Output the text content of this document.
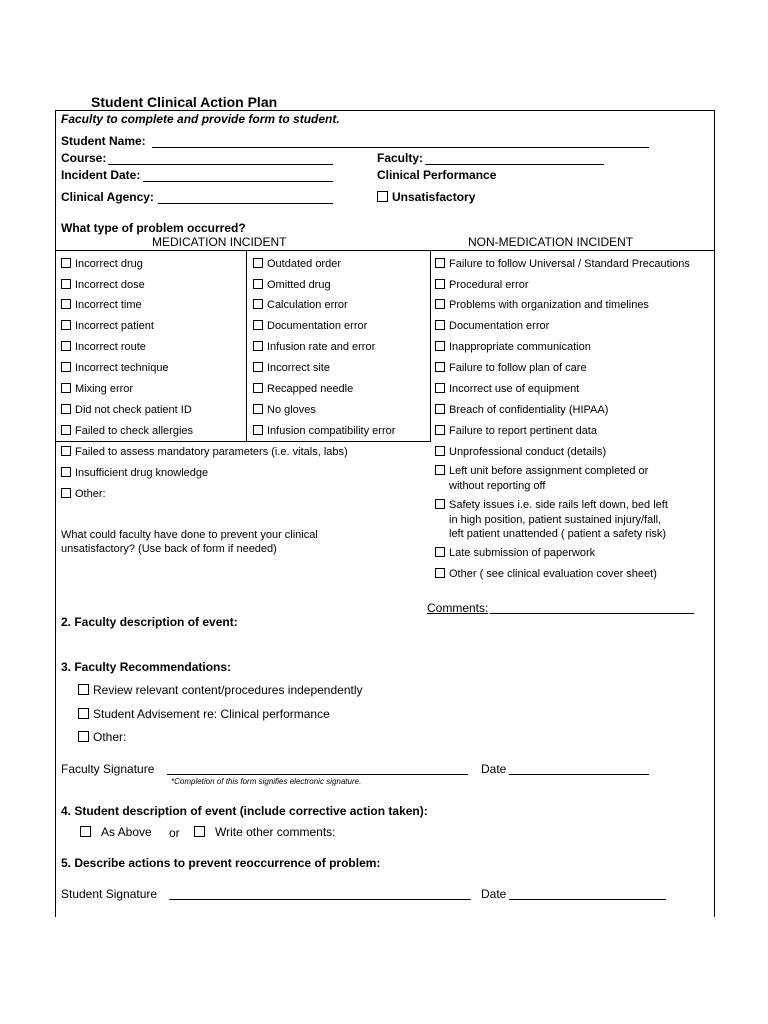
Student Clinical Action Plan
Faculty to complete and provide form to student.
Student Name:
Course:	Faculty:
Incident Date:	Clinical Performance
Clinical Agency:	Unsatisfactory
What type of problem occurred?
MEDICATION INCIDENT	NON-MEDICATION INCIDENT
Incorrect drug
Incorrect dose
Incorrect time
Incorrect patient
Incorrect route
Incorrect technique
Mixing error
Did not check patient ID
Failed to check allergies
Outdated order
Omitted drug
Calculation error
Documentation error
Infusion rate and error
Incorrect site
Recapped needle
No gloves
Infusion compatibility error
Failed to assess mandatory parameters (i.e. vitals, labs)
Insufficient drug knowledge
Other:
What could faculty have done to prevent your clinical
unsatisfactory? (Use back of form if needed)
Failure to follow Universal / Standard Precautions
Procedural error
Problems with organization and timelines
Documentation error
Inappropriate communication
Failure to follow plan of care
Incorrect use of equipment
Breach of confidentiality (HIPAA)
Failure to report pertinent data
Unprofessional conduct (details)
Left unit before assignment completed or
without reporting off
Safety issues i.e. side rails left down, bed left
in high position, patient sustained injury/fall,
left patient unattended ( patient a safety risk)
Late submission of paperwork
Other ( see clinical evaluation cover sheet)
Comments:
2. Faculty description of event:
3. Faculty Recommendations:
Review relevant content/procedures independently
Student Advisement re: Clinical performance
Other:
Faculty Signature	Date
*Completion of this form signifies electronic signature.
4. Student description of event (include corrective action taken):
As Above or	Write other comments:
5. Describe actions to prevent reoccurrence of problem:
Student Signature	Date
